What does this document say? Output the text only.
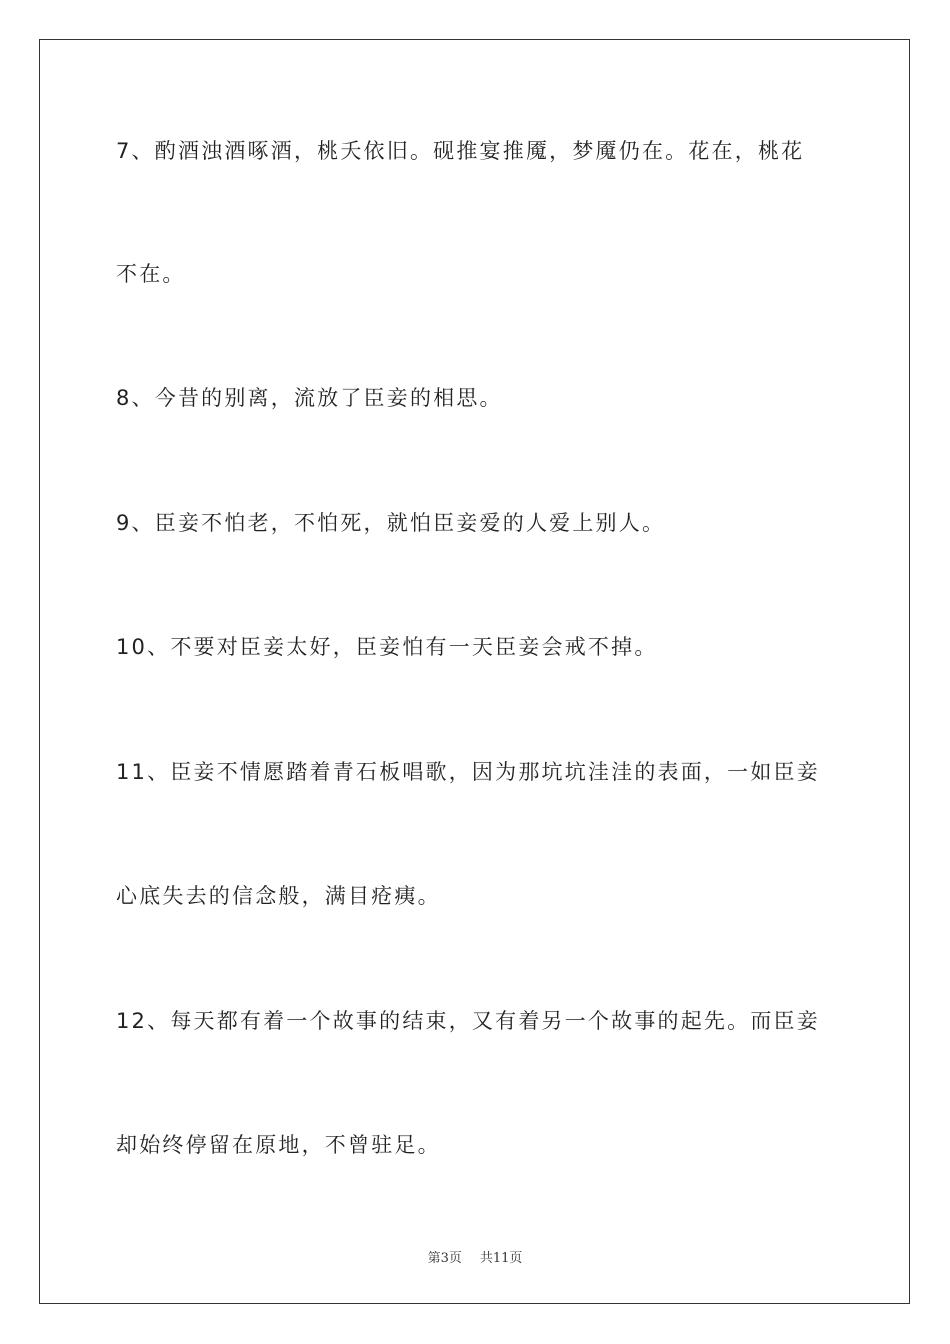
7、酌酒浊酒啄酒，桃夭依旧。砚推宴推魇，梦魇仍在。花在，桃花

不在。

8、今昔的别离，流放了臣妾的相思。

9、臣妾不怕老，不怕死，就怕臣妾爱的人爱上别人。

10、不要对臣妾太好，臣妾怕有一天臣妾会戒不掉。

11、臣妾不情愿踏着青石板唱歌，因为那坑坑洼洼的表面，一如臣妾

心底失去的信念般，满目疮痍。

12、每天都有着一个故事的结束，又有着另一个故事的起先。而臣妾

却始终停留在原地，不曾驻足。

第3页 共11页
